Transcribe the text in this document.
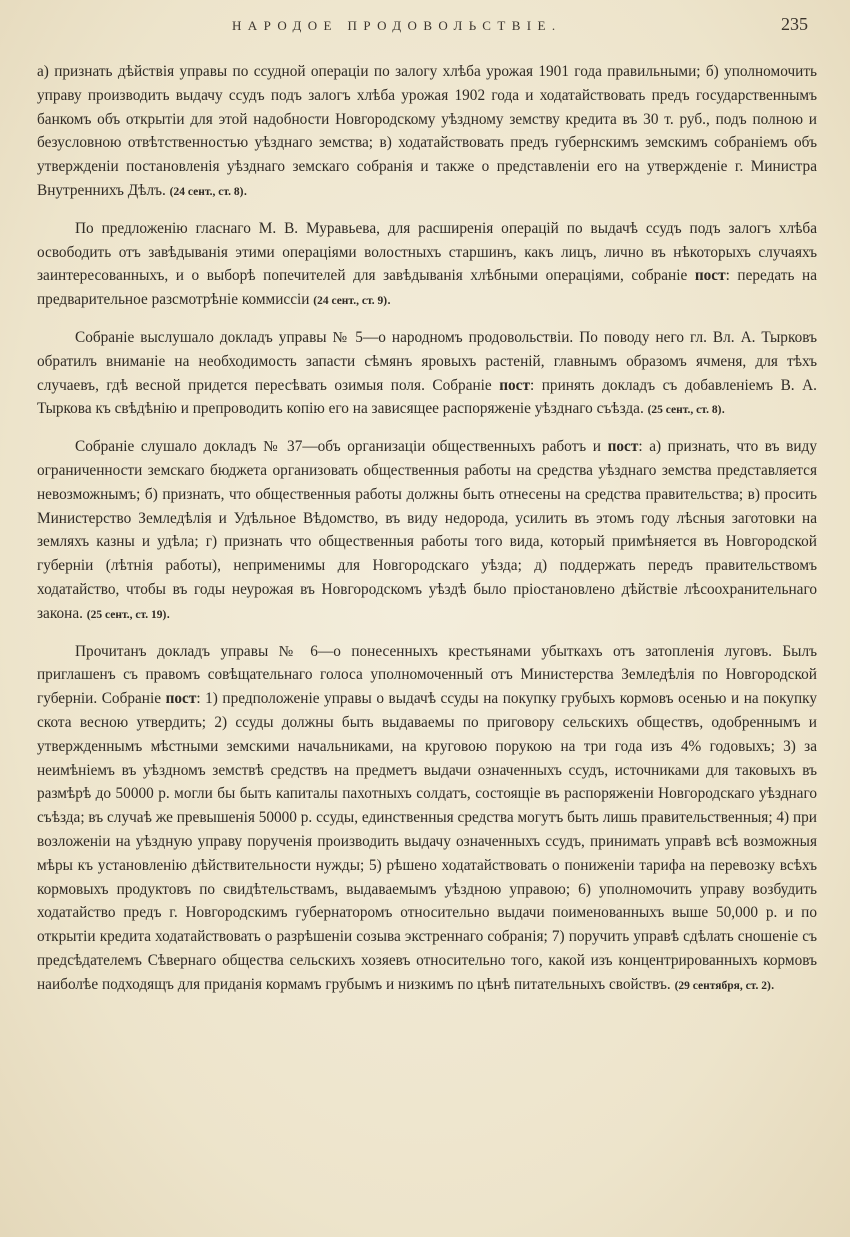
НАРОДОЕ ПРОДОВОЛЬСТВІЕ.	235

а) признать дѣйствія управы по ссудной операціи по залогу хлѣба урожая 1901 года правильными; б) уполномочить управу производить выдачу ссудъ подъ залогъ хлѣба урожая 1902 года и ходатайствовать предъ государственнымъ банкомъ объ открытіи для этой надобности Новгородскому уѣздному земству кредита въ 30 т. руб., подъ полною и безусловною отвѣтственностью уѣзднаго земства; в) ходатайствовать предъ губернскимъ земскимъ собраніемъ объ утвержденіи постановленія уѣзднаго земскаго собранія и также о представленіи его на утвержденіе г. Министра Внутреннихъ Дѣлъ. (24 сент., ст. 8).

По предложенію гласнаго М. В. Муравьева, для расширенія операцій по выдачѣ ссудъ подъ залогъ хлѣба освободить отъ завѣдыванія этими операціями волостныхъ старшинъ, какъ лицъ, лично въ нѣкоторыхъ случаяхъ заинтересованныхъ, и о выборѣ попечителей для завѣдыванія хлѣбными операціями, собраніе пост: передать на предварительное разсмотрѣніе коммиссіи (24 сент., ст. 9).

Собраніе выслушало докладъ управы № 5—о народномъ продовольствіи. По поводу него гл. Вл. А. Тырковъ обратилъ вниманіе на необходимость запасти сѣмянъ яровыхъ растеній, главнымъ образомъ ячменя, для тѣхъ случаевъ, гдѣ весной придется пересѣвать озимыя поля. Собраніе пост: принять докладъ съ добавленіемъ В. А. Тыркова къ свѣдѣнію и препроводить копію его на зависящее распоряженіе уѣзднаго съѣзда. (25 сент., ст. 8).

Собраніе слушало докладъ № 37—объ организаціи общественныхъ работъ и пост: а) признать, что въ виду ограниченности земскаго бюджета организовать общественныя работы на средства уѣзднаго земства представляется невозможнымъ; б) признать, что общественныя работы должны быть отнесены на средства правительства; в) просить Министерство Земледѣлія и Удѣльное Вѣдомство, въ виду недорода, усилить въ этомъ году лѣсныя заготовки на земляхъ казны и удѣла; г) признать что общественныя работы того вида, который примѣняется въ Новгородской губерніи (лѣтнія работы), неприменимы для Новгородскаго уѣзда; д) поддержать передъ правительствомъ ходатайство, чтобы въ годы неурожая въ Новгородскомъ уѣздѣ было пріостановлено дѣйствіе лѣсоохранительнаго закона. (25 сент., ст. 19).

Прочитанъ докладъ управы № 6—о понесенныхъ крестьянами убыткахъ отъ затопленія луговъ. Былъ приглашенъ съ правомъ совѣщательнаго голоса уполномоченный отъ Министерства Земледѣлія по Новгородской губерніи. Собраніе пост: 1) предположеніе управы о выдачѣ ссуды на покупку грубыхъ кормовъ осенью и на покупку скота весною утвердить; 2) ссуды должны быть выдаваемы по приговору сельскихъ обществъ, одобреннымъ и утвержденнымъ мѣстными земскими начальниками, на круговою порукою на три года изъ 4% годовыхъ; 3) за неимѣніемъ въ уѣздномъ земствѣ средствъ на предметъ выдачи означенныхъ ссудъ, источниками для таковыхъ въ размѣрѣ до 50000 р. могли бы быть капиталы пахотныхъ солдатъ, состоящіе въ распоряженіи Новгородскаго уѣзднаго съѣзда; въ случаѣ же превышенія 50000 р. ссуды, единственныя средства могутъ быть лишь правительственныя; 4) при возложеніи на уѣздную управу порученія производить выдачу означенныхъ ссудъ, принимать управѣ всѣ возможныя мѣры къ установленію дѣйствительности нужды; 5) рѣшено ходатайствовать о пониженіи тарифа на перевозку всѣхъ кормовыхъ продуктовъ по свидѣтельствамъ, выдаваемымъ уѣздною управою; 6) уполномочить управу возбудить ходатайство предъ г. Новгородскимъ губернаторомъ относительно выдачи поименованныхъ выше 50,000 р. и по открытіи кредита ходатайствовать о разрѣшеніи созыва экстреннаго собранія; 7) поручить управѣ сдѣлать сношеніе съ предсѣдателемъ Сѣвернаго общества сельскихъ хозяевъ относительно того, какой изъ концентрированныхъ кормовъ наиболѣе подходящъ для приданія кормамъ грубымъ и низкимъ по цѣнѣ питательныхъ свойствъ. (29 сентября, ст. 2).
